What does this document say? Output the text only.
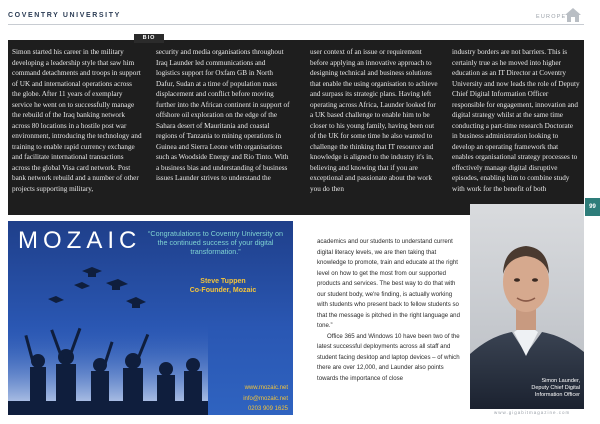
COVENTRY UNIVERSITY	EUROPE
Simon started his career in the military developing a leadership style that saw him command detachments and troops in support of UK and international operations across the globe. After 11 years of exemplary service he went on to successfully manage the rebuild of the Iraq banking network across 80 locations in a hostile post war environment, introducing the technology and training to enable rapid currency exchange and facilitate international transactions across the global Visa card network. Post bank network rebuild and a number of other projects supporting military,
security and media organisations throughout Iraq Launder led communications and logistics support for Oxfam GB in North Dafur, Sudan at a time of population mass displacement and conflict before moving further into the African continent in support of offshore oil exploration on the edge of the Sahara desert of Mauritania and coastal regions of Tanzania to mining operations in Guinea and Sierra Leone with organisations such as Woodside Energy and Rio Tinto. With a business bias and understanding of business issues Launder strives to understand the
user context of an issue or requirement before applying an innovative approach to designing technical and business solutions that enable the using organisation to achieve and surpass its strategic plans. Having left operating across Africa, Launder looked for a UK based challenge to enable him to be closer to his young family, having been out of the UK for some time he also wanted to challenge the thinking that IT resource and knowledge is aligned to the industry it's in, believing and knowing that if you are exceptional and passionate about the work you do then
industry borders are not barriers. This is certainly true as he moved into higher education as an IT Director at Coventry University and now leads the role of Deputy Chief Digital Information Officer responsible for engagement, innovation and digital strategy whilst at the same time conducting a part-time research Doctorate in business administration looking to develop an operating framework that enables organisational strategy processes to effectively manage digital disruptive episodes, enabling him to combine study with work for the benefit of both
BIO
99
MOZAIC “Congratulations to Coventry University on the continued success of your digital transformation.”
Steve Tuppen
Co-Founder, Mozaic
www.mozaic.net
info@mozaic.net
0203 909 1625

academics and our students to understand current digital literacy levels, we are then taking that knowledge to promote, train and educate at the right level on how to get the most from our supported products and services. The best way to do that with our student body, we're finding, is actually working with students who present back to fellow students so that the message is pitched in the right language and tone.”

Office 365 and Windows 10 have been two of the latest successful deployments across all staff and student facing desktop and laptop devices – of which there are over 12,000, and Launder also points towards the importance of close	Simon Launder,
Deputy Chief Digital Information Officer
www.gigabitmagazine.com
